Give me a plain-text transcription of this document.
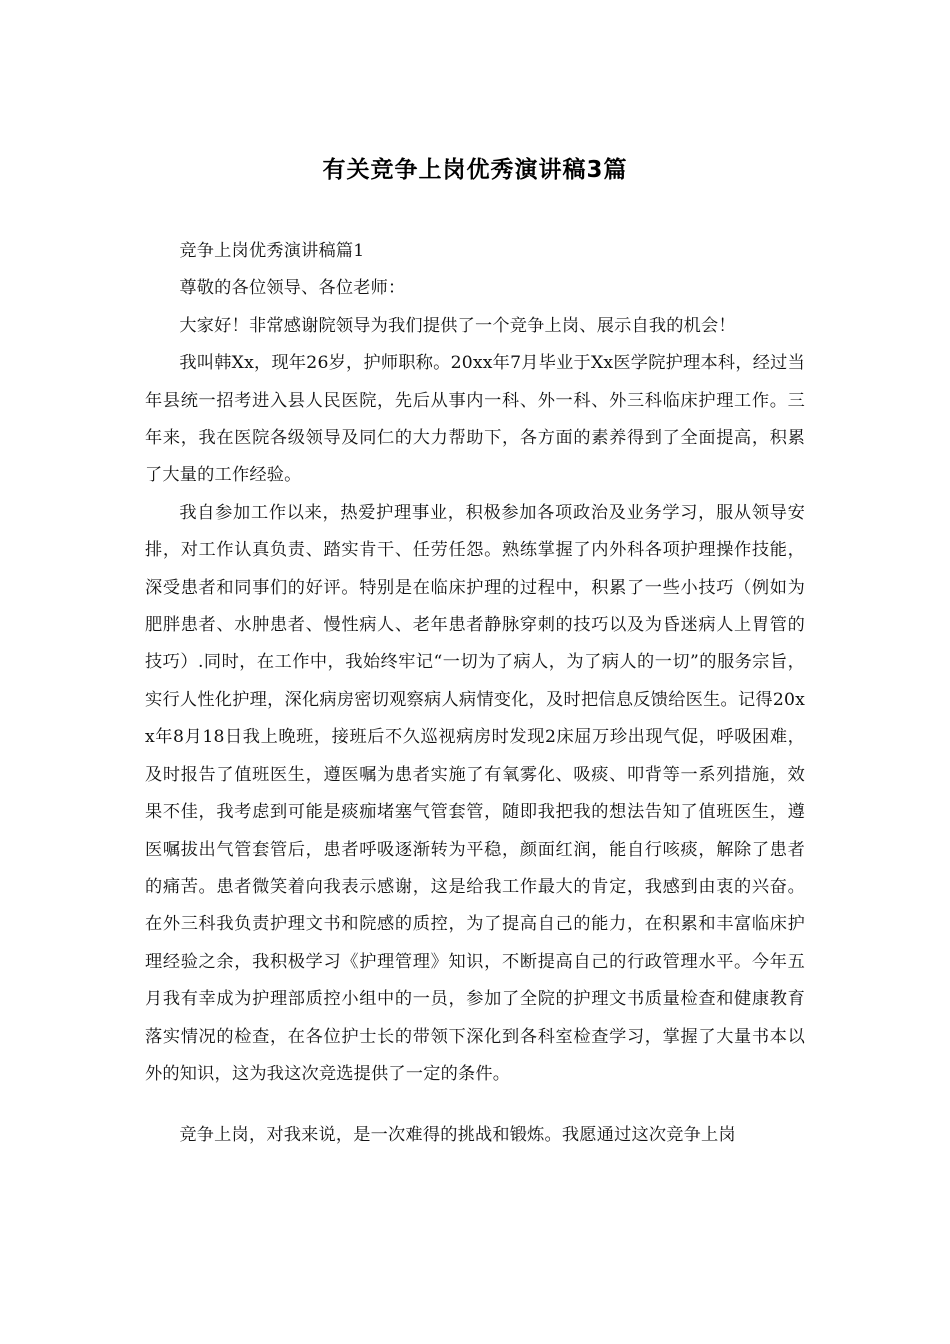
有关竞争上岗优秀演讲稿3篇

竞争上岗优秀演讲稿篇1

尊敬的各位领导、各位老师：

大家好！非常感谢院领导为我们提供了一个竞争上岗、展示自我的机会！

我叫韩Xx，现年26岁，护师职称。20xx年7月毕业于Xx医学院护理本科，经过当年县统一招考进入县人民医院，先后从事内一科、外一科、外三科临床护理工作。三年来，我在医院各级领导及同仁的大力帮助下，各方面的素养得到了全面提高，积累了大量的工作经验。

我自参加工作以来，热爱护理事业，积极参加各项政治及业务学习，服从领导安排，对工作认真负责、踏实肯干、任劳任怨。熟练掌握了内外科各项护理操作技能，深受患者和同事们的好评。特别是在临床护理的过程中，积累了一些小技巧（例如为肥胖患者、水肿患者、慢性病人、老年患者静脉穿刺的技巧以及为昏迷病人上胃管的技巧）.同时，在工作中，我始终牢记“一切为了病人，为了病人的一切”的服务宗旨，实行人性化护理，深化病房密切观察病人病情变化，及时把信息反馈给医生。记得20xx年8月18日我上晚班，接班后不久巡视病房时发现2床屈万珍出现气促，呼吸困难，及时报告了值班医生，遵医嘱为患者实施了有氧雾化、吸痰、叩背等一系列措施，效果不佳，我考虑到可能是痰痂堵塞气管套管，随即我把我的想法告知了值班医生，遵医嘱拔出气管套管后，患者呼吸逐渐转为平稳，颜面红润，能自行咳痰，解除了患者的痛苦。患者微笑着向我表示感谢，这是给我工作最大的肯定，我感到由衷的兴奋。在外三科我负责护理文书和院感的质控，为了提高自己的能力，在积累和丰富临床护理经验之余，我积极学习《护理管理》知识，不断提高自己的行政管理水平。今年五月我有幸成为护理部质控小组中的一员，参加了全院的护理文书质量检查和健康教育落实情况的检查，在各位护士长的带领下深化到各科室检查学习，掌握了大量书本以外的知识，这为我这次竞选提供了一定的条件。

竞争上岗，对我来说，是一次难得的挑战和锻炼。我愿通过这次竞争上岗
